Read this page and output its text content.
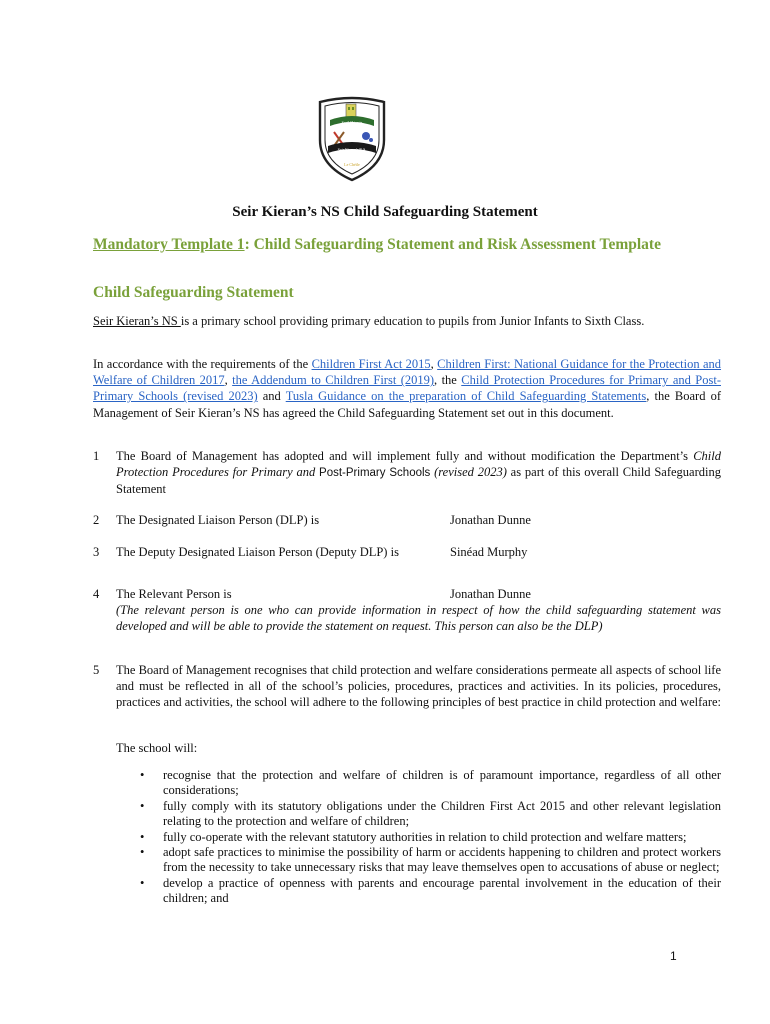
Scoil Chiarain
Seir Kieran's N.S.
Le Chéile
Seir Kieran’s NS Child Safeguarding Statement
Mandatory Template 1: Child Safeguarding Statement and Risk Assessment Template
Child Safeguarding Statement
Seir Kieran’s NS is a primary school providing primary education to pupils from Junior Infants to Sixth Class.
In accordance with the requirements of the Children First Act 2015, Children First: National Guidance for the Protection and Welfare of Children 2017, the Addendum to Children First (2019), the Child Protection Procedures for Primary and Post-Primary Schools (revised 2023) and Tusla Guidance on the preparation of Child Safeguarding Statements, the Board of Management of Seir Kieran’s NS has agreed the Child Safeguarding Statement set out in this document.
1 The Board of Management has adopted and will implement fully and without modification the Department’s Child Protection Procedures for Primary and Post-Primary Schools (revised 2023) as part of this overall Child Safeguarding Statement
2 The Designated Liaison Person (DLP) is	Jonathan Dunne
3 The Deputy Designated Liaison Person (Deputy DLP) is	Sinéad Murphy
4 The Relevant Person is	Jonathan Dunne
(The relevant person is one who can provide information in respect of how the child safeguarding statement was developed and will be able to provide the statement on request. This person can also be the DLP)
5 The Board of Management recognises that child protection and welfare considerations permeate all aspects of school life and must be reflected in all of the school’s policies, procedures, practices and activities. In its policies, procedures, practices and activities, the school will adhere to the following principles of best practice in child protection and welfare:
The school will:
• recognise that the protection and welfare of children is of paramount importance, regardless of all other considerations;
• fully comply with its statutory obligations under the Children First Act 2015 and other relevant legislation relating to the protection and welfare of children;
• fully co-operate with the relevant statutory authorities in relation to child protection and welfare matters;
• adopt safe practices to minimise the possibility of harm or accidents happening to children and protect workers from the necessity to take unnecessary risks that may leave themselves open to accusations of abuse or neglect;
• develop a practice of openness with parents and encourage parental involvement in the education of their children; and
1
